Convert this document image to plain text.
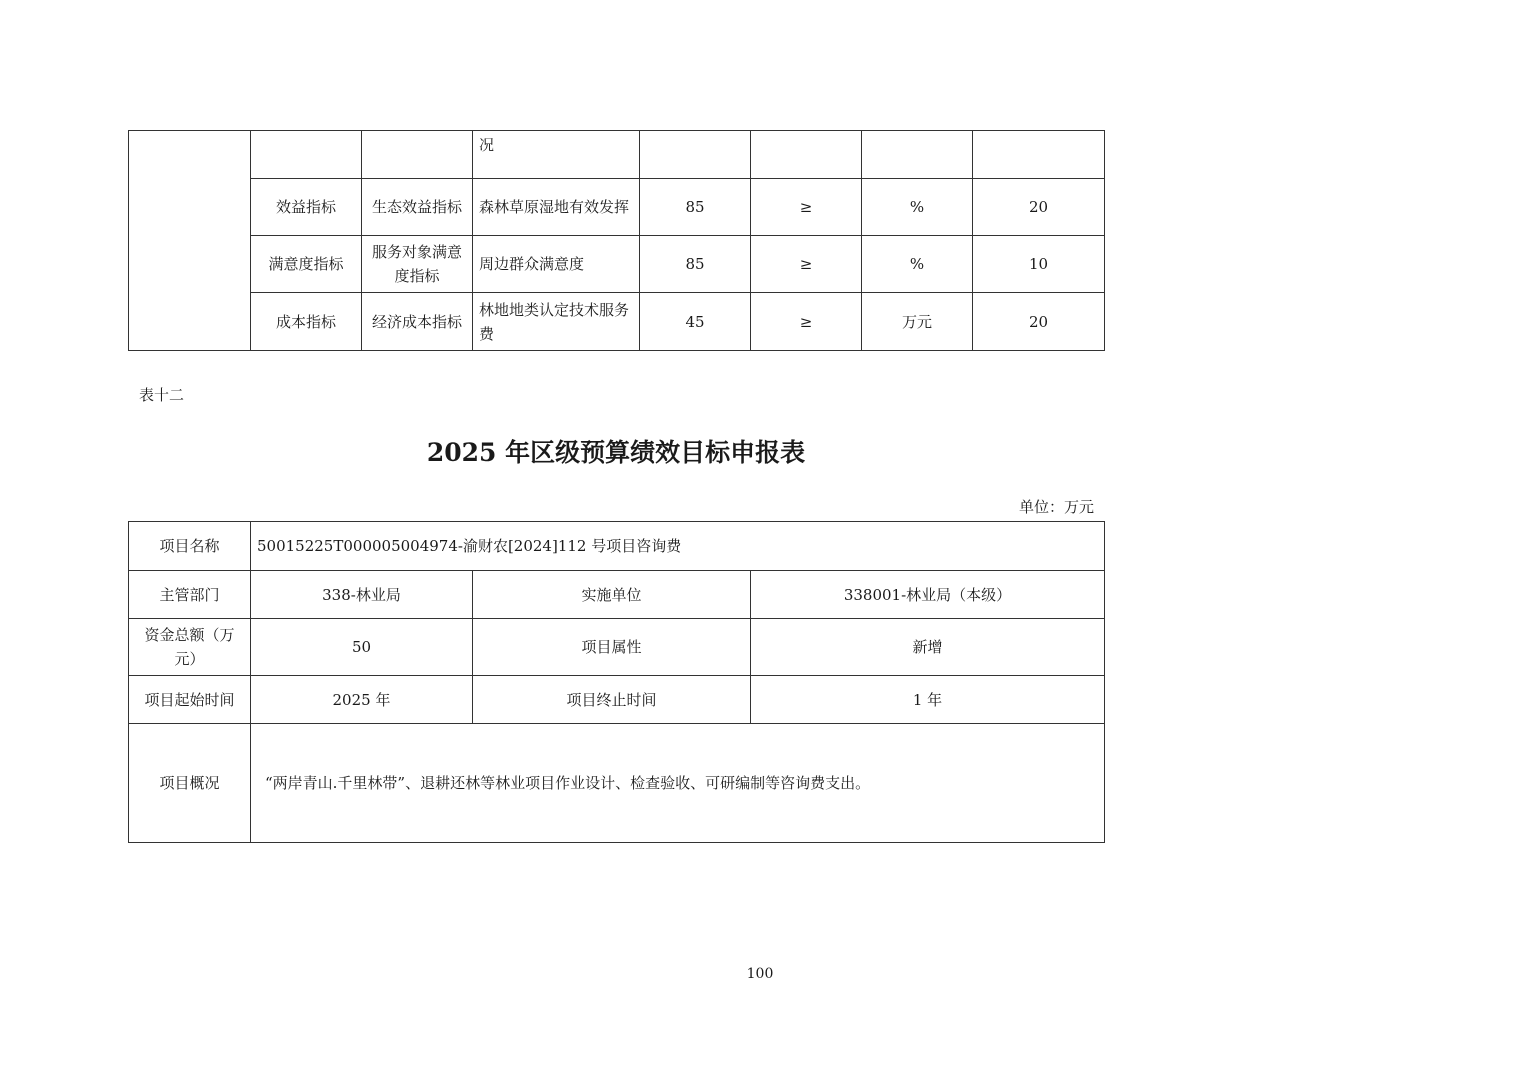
			况				
	效益指标	生态效益指标	森林草原湿地有效发挥	85	≥	%	20
	满意度指标	服务对象满意度指标	周边群众满意度	85	≥	%	10
	成本指标	经济成本指标	林地地类认定技术服务费	45	≥	万元	20
表十二
2025 年区级预算绩效目标申报表
单位：万元
项目名称	50015225T000005004974-渝财农[2024]112 号项目咨询费		
主管部门	338-林业局	实施单位	338001-林业局（本级）
资金总额（万元）	50	项目属性	新增
项目起始时间	2025 年	项目终止时间	1 年
项目概况	“两岸青山.千里林带”、退耕还林等林业项目作业设计、检查验收、可研编制等咨询费支出。		
100
